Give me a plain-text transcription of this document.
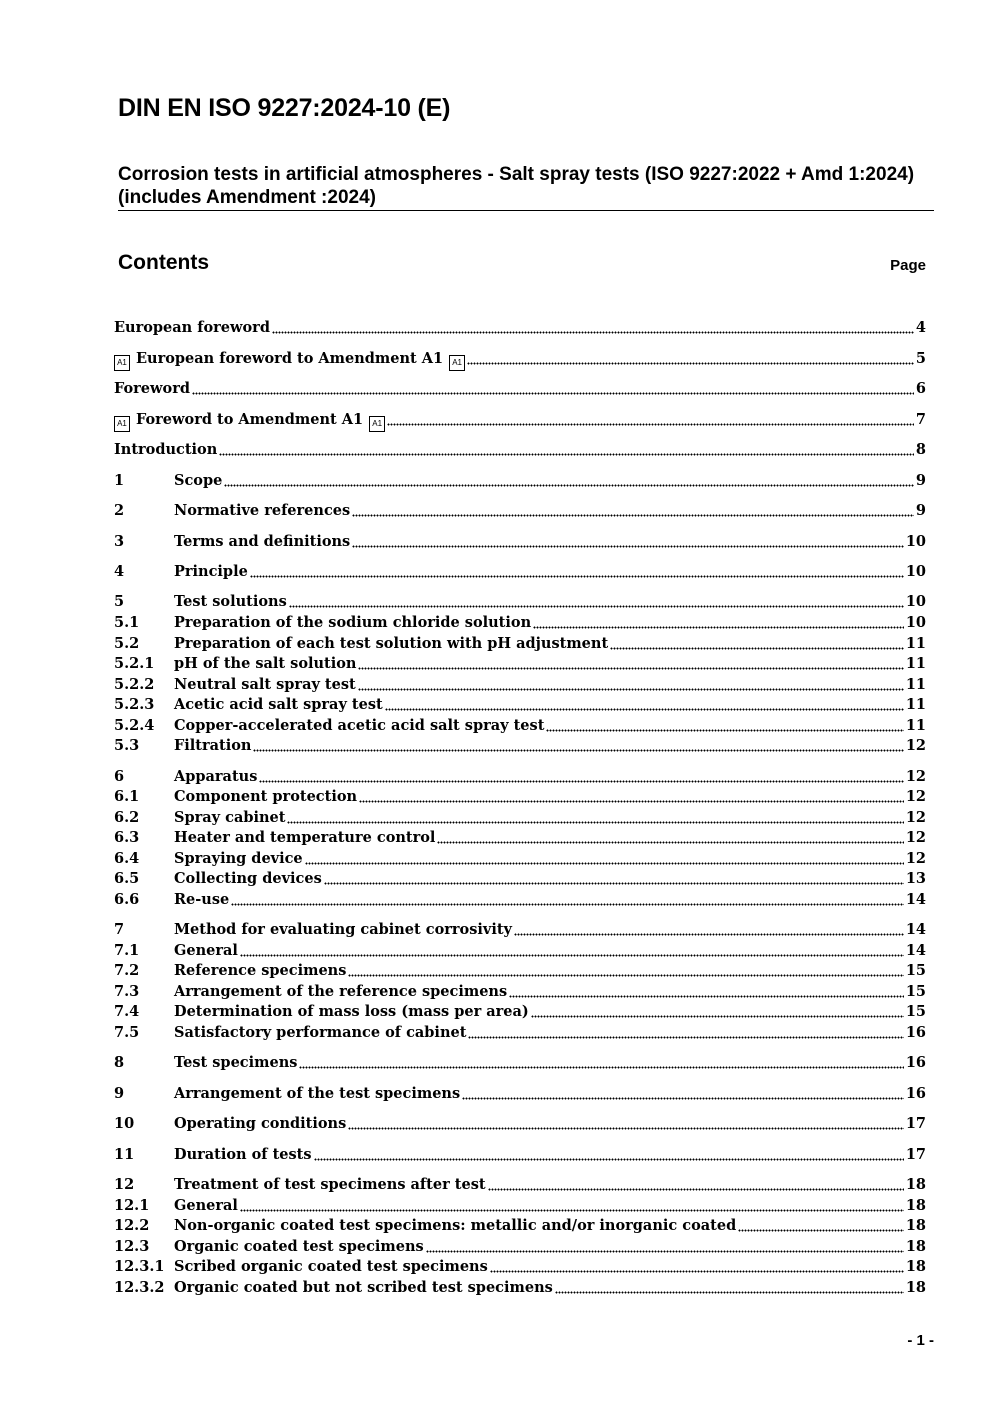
DIN EN ISO 9227:2024-10 (E)
Corrosion tests in artificial atmospheres - Salt spray tests (ISO 9227:2022 + Amd 1:2024) (includes Amendment :2024)
Contents	Page
European foreword	4
A1 European foreword to Amendment A1 A1	5
Foreword	6
A1 Foreword to Amendment A1 A1	7
Introduction	8
1	Scope	9
2	Normative references	9
3	Terms and definitions	10
4	Principle	10
5	Test solutions	10
5.1	Preparation of the sodium chloride solution	10
5.2	Preparation of each test solution with pH adjustment	11
5.2.1	pH of the salt solution	11
5.2.2	Neutral salt spray test	11
5.2.3	Acetic acid salt spray test	11
5.2.4	Copper-accelerated acetic acid salt spray test	11
5.3	Filtration	12
6	Apparatus	12
6.1	Component protection	12
6.2	Spray cabinet	12
6.3	Heater and temperature control	12
6.4	Spraying device	12
6.5	Collecting devices	13
6.6	Re-use	14
7	Method for evaluating cabinet corrosivity	14
7.1	General	14
7.2	Reference specimens	15
7.3	Arrangement of the reference specimens	15
7.4	Determination of mass loss (mass per area)	15
7.5	Satisfactory performance of cabinet	16
8	Test specimens	16
9	Arrangement of the test specimens	16
10	Operating conditions	17
11	Duration of tests	17
12	Treatment of test specimens after test	18
12.1	General	18
12.2	Non-organic coated test specimens: metallic and/or inorganic coated	18
12.3	Organic coated test specimens	18
12.3.1 Scribed organic coated test specimens	18
12.3.2 Organic coated but not scribed test specimens	18
- 1 -
